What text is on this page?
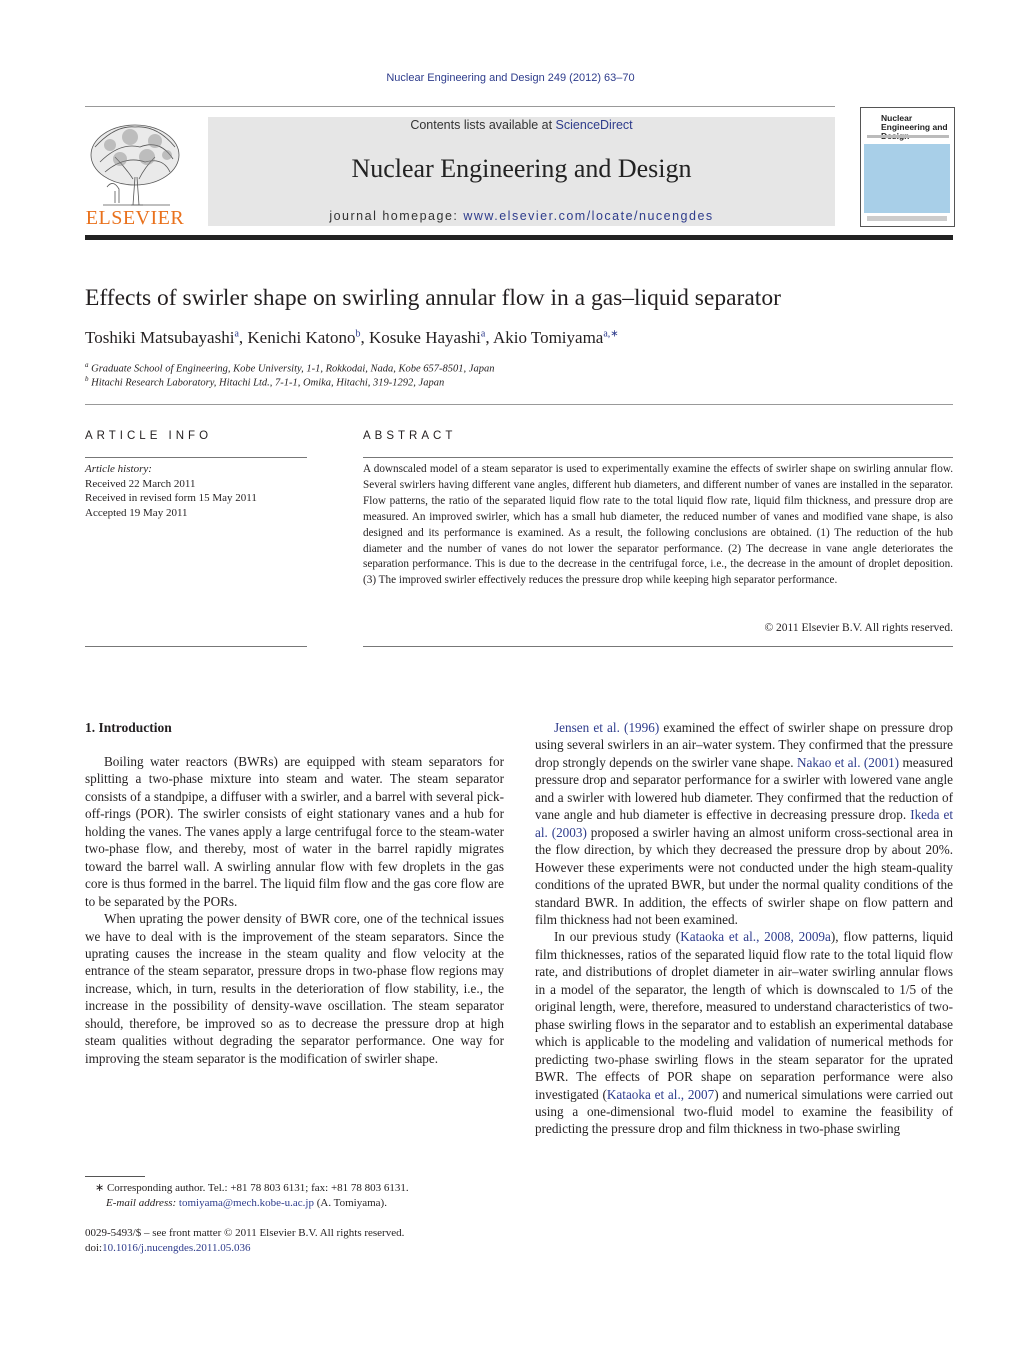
Nuclear Engineering and Design 249 (2012) 63–70
ELSEVIER
Contents lists available at ScienceDirect
Nuclear Engineering and Design
journal homepage: www.elsevier.com/locate/nucengdes
Nuclear Engineering and
Effects of swirler shape on swirling annular flow in a gas–liquid separator
Toshiki Matsubayashi$^a$, Kenichi Katono$^b$, Kosuke Hayashi$^a$, Akio Tomiyama$^{a,∗}$
$^a$ Graduate School of Engineering, Kobe University, 1-1, Rokkodai, Nada, Kobe 657-8501, Japan
$^b$ Hitachi Research Laboratory, Hitachi Ltd., 7-1-1, Omika, Hitachi, 319-1292, Japan
ARTICLE INFO
Article history:
Received 22 March 2011
Received in revised form 15 May 2011
Accepted 19 May 2011
ABSTRACT
A downscaled model of a steam separator is used to experimentally examine the effects of swirler shape on swirling annular flow. Several swirlers having different vane angles, different hub diameters, and different number of vanes are installed in the separator. Flow patterns, the ratio of the separated liquid flow rate to the total liquid flow rate, liquid film thickness, and pressure drop are measured. An improved swirler, which has a small hub diameter, the reduced number of vanes and modified vane shape, is also designed and its performance is examined. As a result, the following conclusions are obtained. (1) The reduction of the hub diameter and the number of vanes do not lower the separator performance. (2) The decrease in vane angle deteriorates the separation performance. This is due to the decrease in the centrifugal force, i.e., the decrease in the amount of droplet deposition. (3) The improved swirler effectively reduces the pressure drop while keeping high separator performance.
© 2011 Elsevier B.V. All rights reserved.
1. Introduction

Boiling water reactors (BWRs) are equipped with steam separators for splitting a two-phase mixture into steam and water. The steam separator consists of a standpipe, a diffuser with a swirler, and a barrel with several pick-off-rings (POR). The swirler consists of eight stationary vanes and a hub for holding the vanes. The vanes apply a large centrifugal force to the steam-water two-phase flow, and thereby, most of water in the barrel rapidly migrates toward the barrel wall. A swirling annular flow with few droplets in the gas core is thus formed in the barrel. The liquid film flow and the gas core flow are to be separated by the PORs.

When uprating the power density of BWR core, one of the technical issues we have to deal with is the improvement of the steam separators. Since the uprating causes the increase in the steam quality and flow velocity at the entrance of the steam separator, pressure drops in two-phase flow regions may increase, which, in turn, results in the deterioration of flow stability, i.e., the increase in the possibility of density-wave oscillation. The steam separator should, therefore, be improved so as to decrease the pressure drop at high steam qualities without degrading the separator performance. One way for improving the steam separator is the modification of swirler shape.

Jensen et al. (1996) examined the effect of swirler shape on pressure drop using several swirlers in an air–water system. They confirmed that the pressure drop strongly depends on the swirler vane shape. Nakao et al. (2001) measured pressure drop and separator performance for a swirler with lowered vane angle and a swirler with lowered hub diameter. They confirmed that the reduction of vane angle and hub diameter is effective in decreasing pressure drop. Ikeda et al. (2003) proposed a swirler having an almost uniform cross-sectional area in the flow direction, by which they decreased the pressure drop by about 20%. However these experiments were not conducted under the high steam-quality conditions of the uprated BWR, but under the normal quality conditions of the standard BWR. In addition, the effects of swirler shape on flow pattern and film thickness had not been examined.

In our previous study (Kataoka et al., 2008, 2009a), flow patterns, liquid film thicknesses, ratios of the separated liquid flow rate to the total liquid flow rate, and distributions of droplet diameter in air–water swirling annular flows in a model of the separator, the length of which is downscaled to 1/5 of the original length, were, therefore, measured to understand characteristics of two-phase swirling flows in the separator and to establish an experimental database which is applicable to the modeling and validation of numerical methods for predicting two-phase swirling flows in the steam separator for the uprated BWR. The effects of POR shape on separation performance were also investigated (Kataoka et al., 2007) and numerical simulations were carried out using a one-dimensional two-fluid model to examine the feasibility of predicting the pressure drop and film thickness in two-phase swirling

∗ Corresponding author. Tel.: +81 78 803 6131; fax: +81 78 803 6131.
E-mail address: tomiyama@mech.kobe-u.ac.jp (A. Tomiyama).
0029-5493/$ – see front matter © 2011 Elsevier B.V. All rights reserved.
doi:10.1016/j.nucengdes.2011.05.036
